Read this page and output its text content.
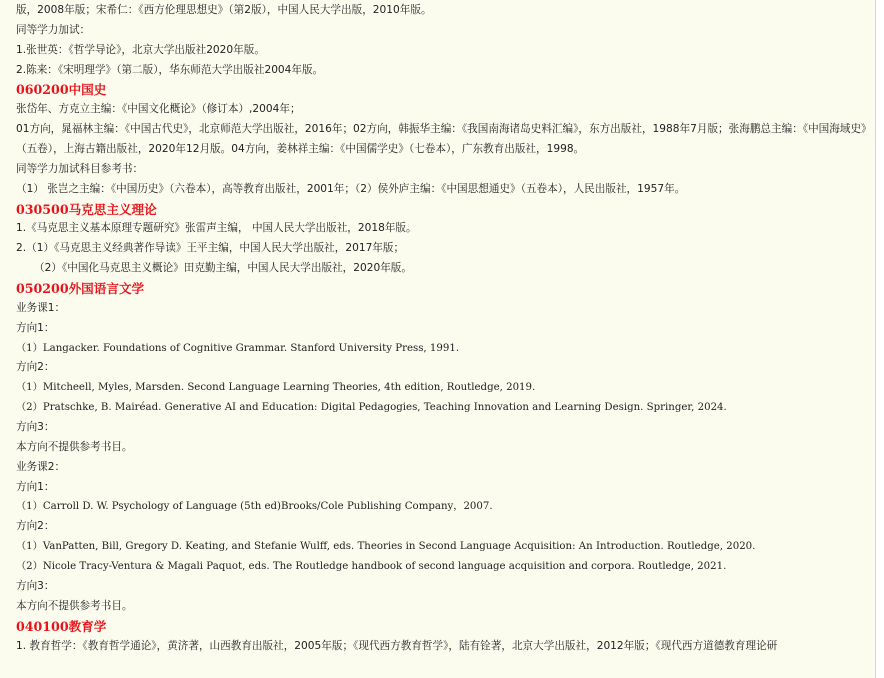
版，2008年版；宋希仁：《西方伦理思想史》（第2版），中国人民大学出版，2010年版。
同等学力加试：
1.张世英：《哲学导论》，北京大学出版社2020年版。
2.陈来：《宋明理学》（第二版），华东师范大学出版社2004年版。
060200中国史
张岱年、方克立主编：《中国文化概论》（修订本）,2004年；
01方向，晁福林主编：《中国古代史》，北京师范大学出版社，2016年；02方向，韩振华主编：《我国南海诸岛史料汇编》，东方出版社，1988年7月版；张海鹏总主编：《中国海域史》（五卷），上海古籍出版社，2020年12月版。04方向，姜林祥主编：《中国儒学史》（七卷本），广东教育出版社，1998。
同等学力加试科目参考书：
（1） 张岂之主编：《中国历史》（六卷本），高等教育出版社，2001年；（2）侯外庐主编：《中国思想通史》（五卷本），人民出版社，1957年。
030500马克思主义理论
1.《马克思主义基本原理专题研究》张雷声主编， 中国人民大学出版社，2018年版。
2.（1）《马克思主义经典著作导读》王平主编，中国人民大学出版社，2017年版；
（2）《中国化马克思主义概论》田克勤主编，中国人民大学出版社，2020年版。
050200外国语言文学
业务课1：
方向1：
（1）Langacker. Foundations of Cognitive Grammar. Stanford University Press, 1991.
方向2：
（1）Mitcheell, Myles, Marsden. Second Language Learning Theories, 4th edition, Routledge, 2019.
（2）Pratschke, B. Mairéad. Generative AI and Education: Digital Pedagogies, Teaching Innovation and Learning Design. Springer, 2024.
方向3：
本方向不提供参考书目。
业务课2：
方向1：
（1）Carroll D. W. Psychology of Language (5th ed)Brooks/Cole Publishing Company，2007.
方向2：
（1）VanPatten, Bill, Gregory D. Keating, and Stefanie Wulff, eds. Theories in Second Language Acquisition: An Introduction. Routledge, 2020.
（2）Nicole Tracy-Ventura & Magali Paquot, eds. The Routledge handbook of second language acquisition and corpora. Routledge, 2021.
方向3：
本方向不提供参考书目。
040100教育学
1. 教育哲学：《教育哲学通论》，黄济著，山西教育出版社，2005年版；《现代西方教育哲学》，陆有铨著，北京大学出版社，2012年版；《现代西方道德教育理论研
